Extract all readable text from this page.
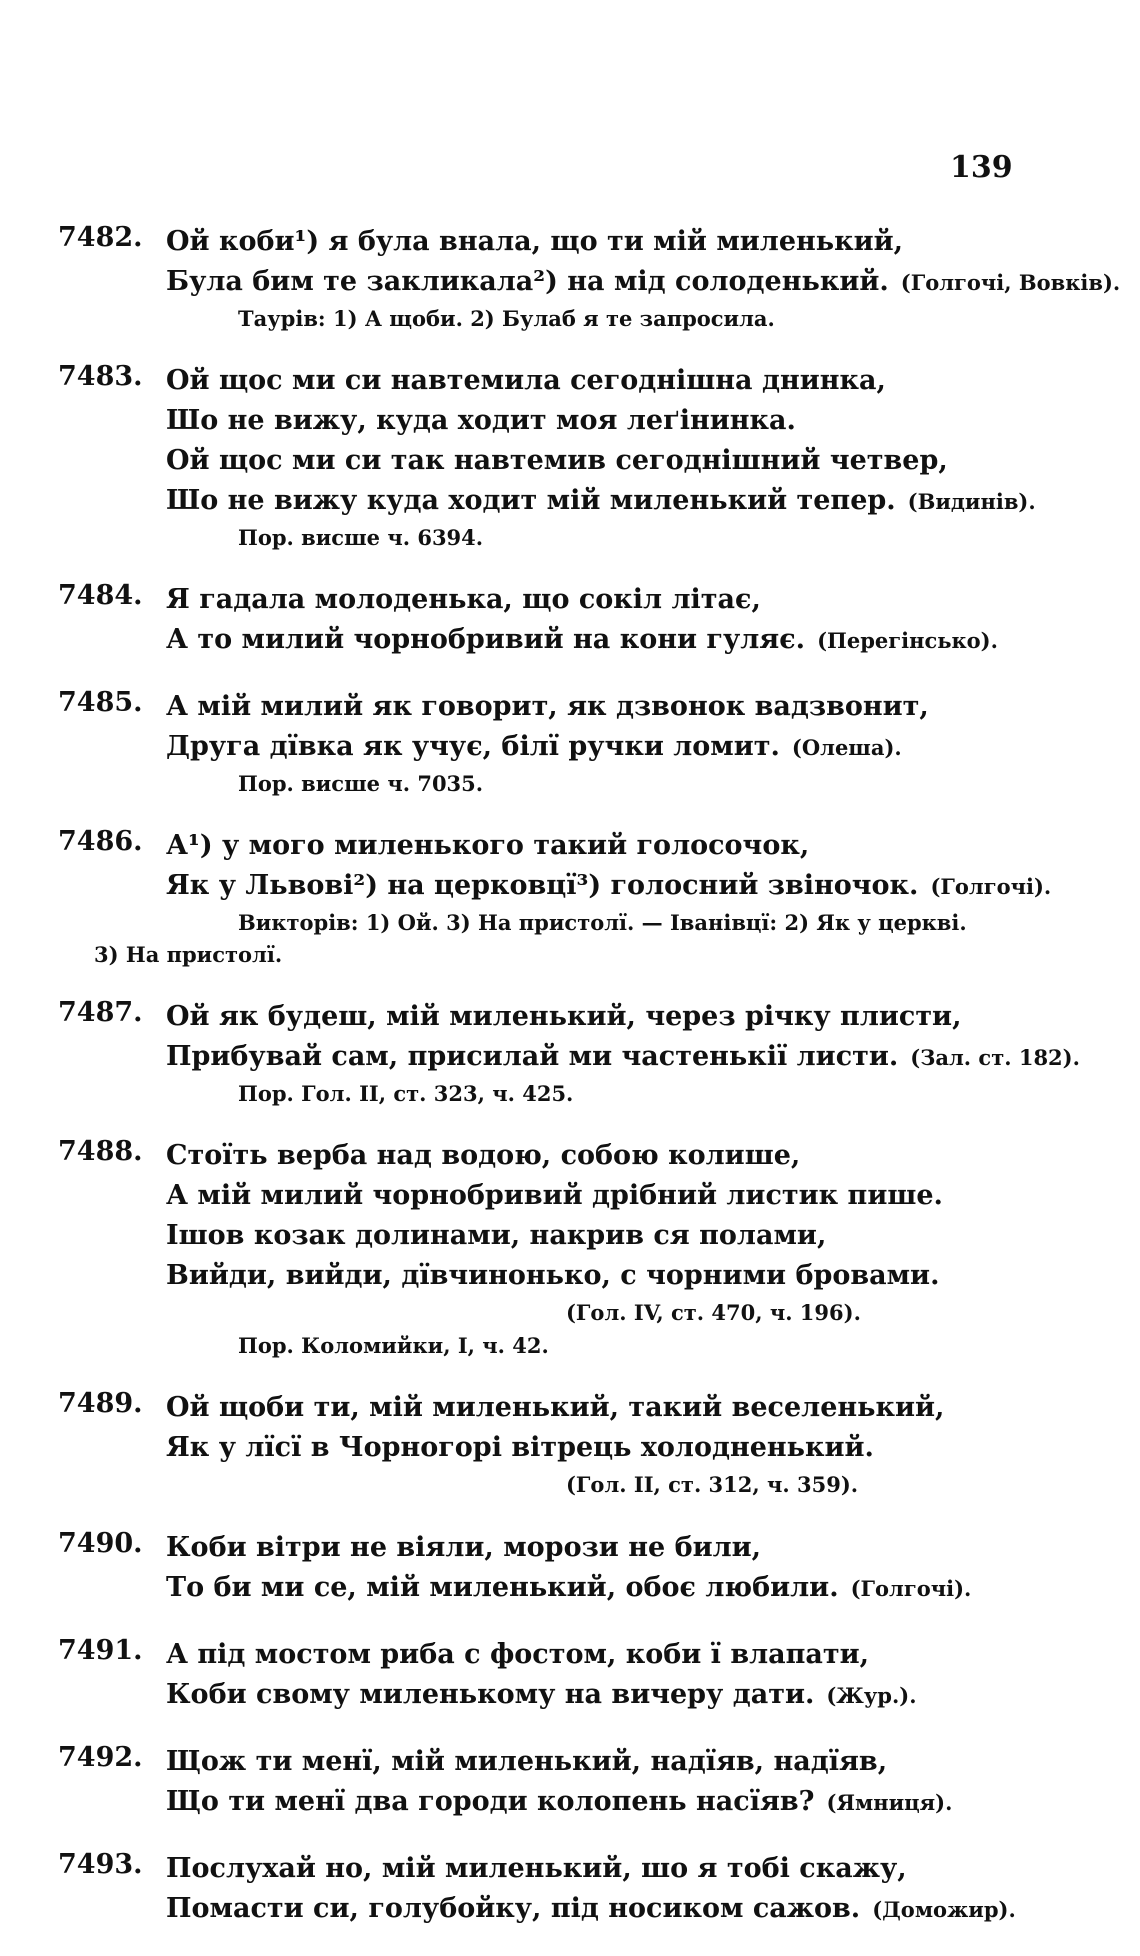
139
7482. Ой коби¹) я була внала, що ти мій миленький,
Була бим те закликала²) на мід солоденький. (Голгочі, Вовків).
Таурів: 1) А щоби. 2) Булаб я те запросила.
7483. Ой щос ми си навтемила сегоднішна днинка,
Шо не вижу, куда ходит моя леґінинка.
Ой щос ми си так навтемив сегоднішний четвер,
Шо не вижу куда ходит мій миленький тепер. (Видинів).
Пор. висше ч. 6394.
7484. Я гадала молоденька, що сокіл літає,
А то милий чорнобривий на кони гуляє. (Перегінсько).
7485. А мій милий як говорит, як дзвонок вадзвонит,
Друга дївка як учує, білї ручки ломит. (Олеша).
Пор. висше ч. 7035.
7486. А¹) у мого миленького такий голосочок,
Як у Львові²) на церковцї³) голосний звіночок. (Голгочі).
Викторів: 1) Ой. 3) На пристолї. — Іванівцї: 2) Як у церкві.
3) На пристолї.
7487. Ой як будеш, мій миленький, через річку плисти,
Прибувай сам, присилай ми частенькії листи. (Зал. ст. 182).
Пор. Гол. II, ст. 323, ч. 425.
7488. Стоїть верба над водою, собою колише,
А мій милий чорнобривий дрібний листик пише.
Ішов козак долинами, накрив ся полами,
Вийди, вийди, дївчинонько, с чорними бровами.
(Гол. IV, ст. 470, ч. 196).
Пор. Коломийки, I, ч. 42.
7489. Ой щоби ти, мій миленький, такий веселенький,
Як у лїсї в Чорногорі вітрець холодненький.
(Гол. II, ст. 312, ч. 359).
7490. Коби вітри не віяли, морози не били,
То би ми се, мій миленький, обоє любили. (Голгочі).
7491. А під мостом риба с фостом, коби ї влапати,
Коби свому миленькому на вичеру дати. (Жур.).
7492. Щож ти менї, мій миленький, надїяв, надїяв,
Що ти менї два городи колопень насїяв? (Ямниця).
7493. Послухай но, мій миленький, шо я тобі скажу,
Помасти си, голубойку, під носиком сажов. (Доможир).
